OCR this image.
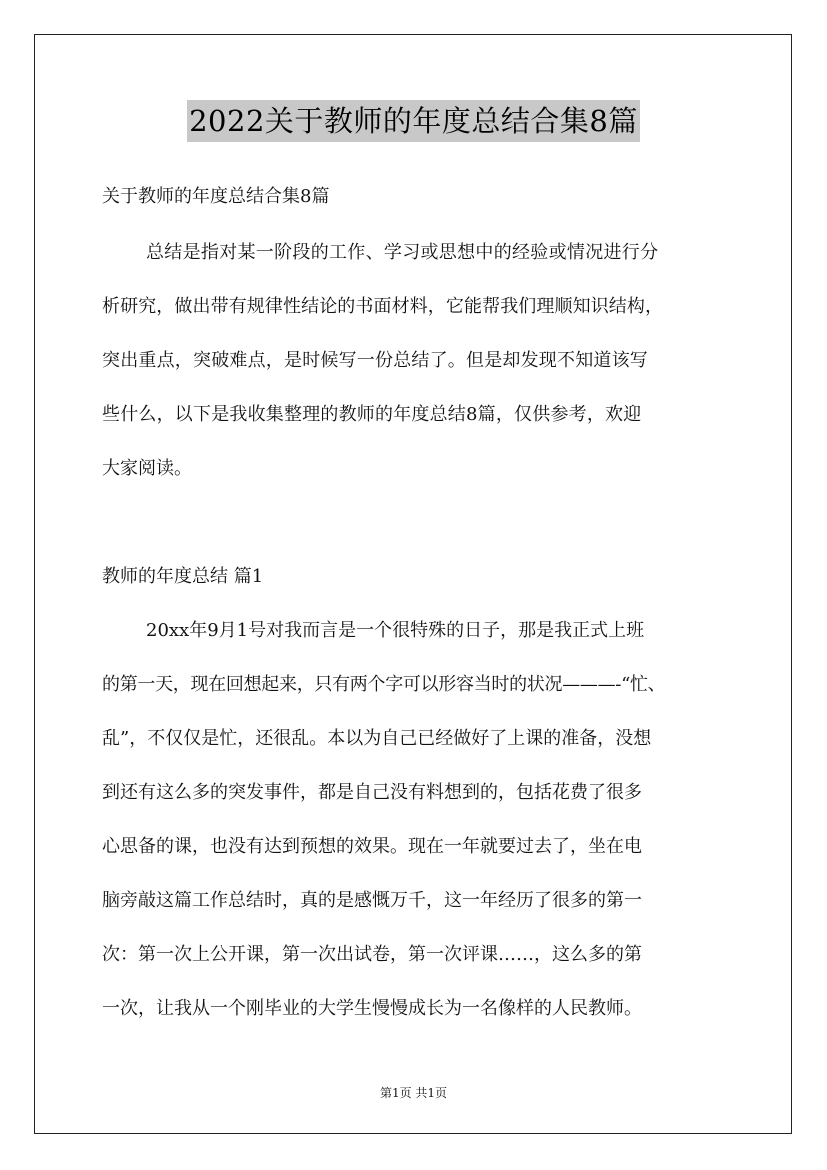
2022关于教师的年度总结合集8篇
关于教师的年度总结合集8篇
总结是指对某一阶段的工作、学习或思想中的经验或情况进行分
析研究，做出带有规律性结论的书面材料，它能帮我们理顺知识结构，
突出重点，突破难点，是时候写一份总结了。但是却发现不知道该写
些什么，以下是我收集整理的教师的年度总结8篇，仅供参考，欢迎
大家阅读。
教师的年度总结 篇1
20xx年9月1号对我而言是一个很特殊的日子，那是我正式上班
的第一天，现在回想起来，只有两个字可以形容当时的状况———-“忙、
乱”，不仅仅是忙，还很乱。本以为自己已经做好了上课的准备，没想
到还有这么多的突发事件，都是自己没有料想到的，包括花费了很多
心思备的课，也没有达到预想的效果。现在一年就要过去了，坐在电
脑旁敲这篇工作总结时，真的是感慨万千，这一年经历了很多的第一
次：第一次上公开课，第一次出试卷，第一次评课……，这么多的第
一次，让我从一个刚毕业的大学生慢慢成长为一名像样的人民教师。
第1页 共1页
